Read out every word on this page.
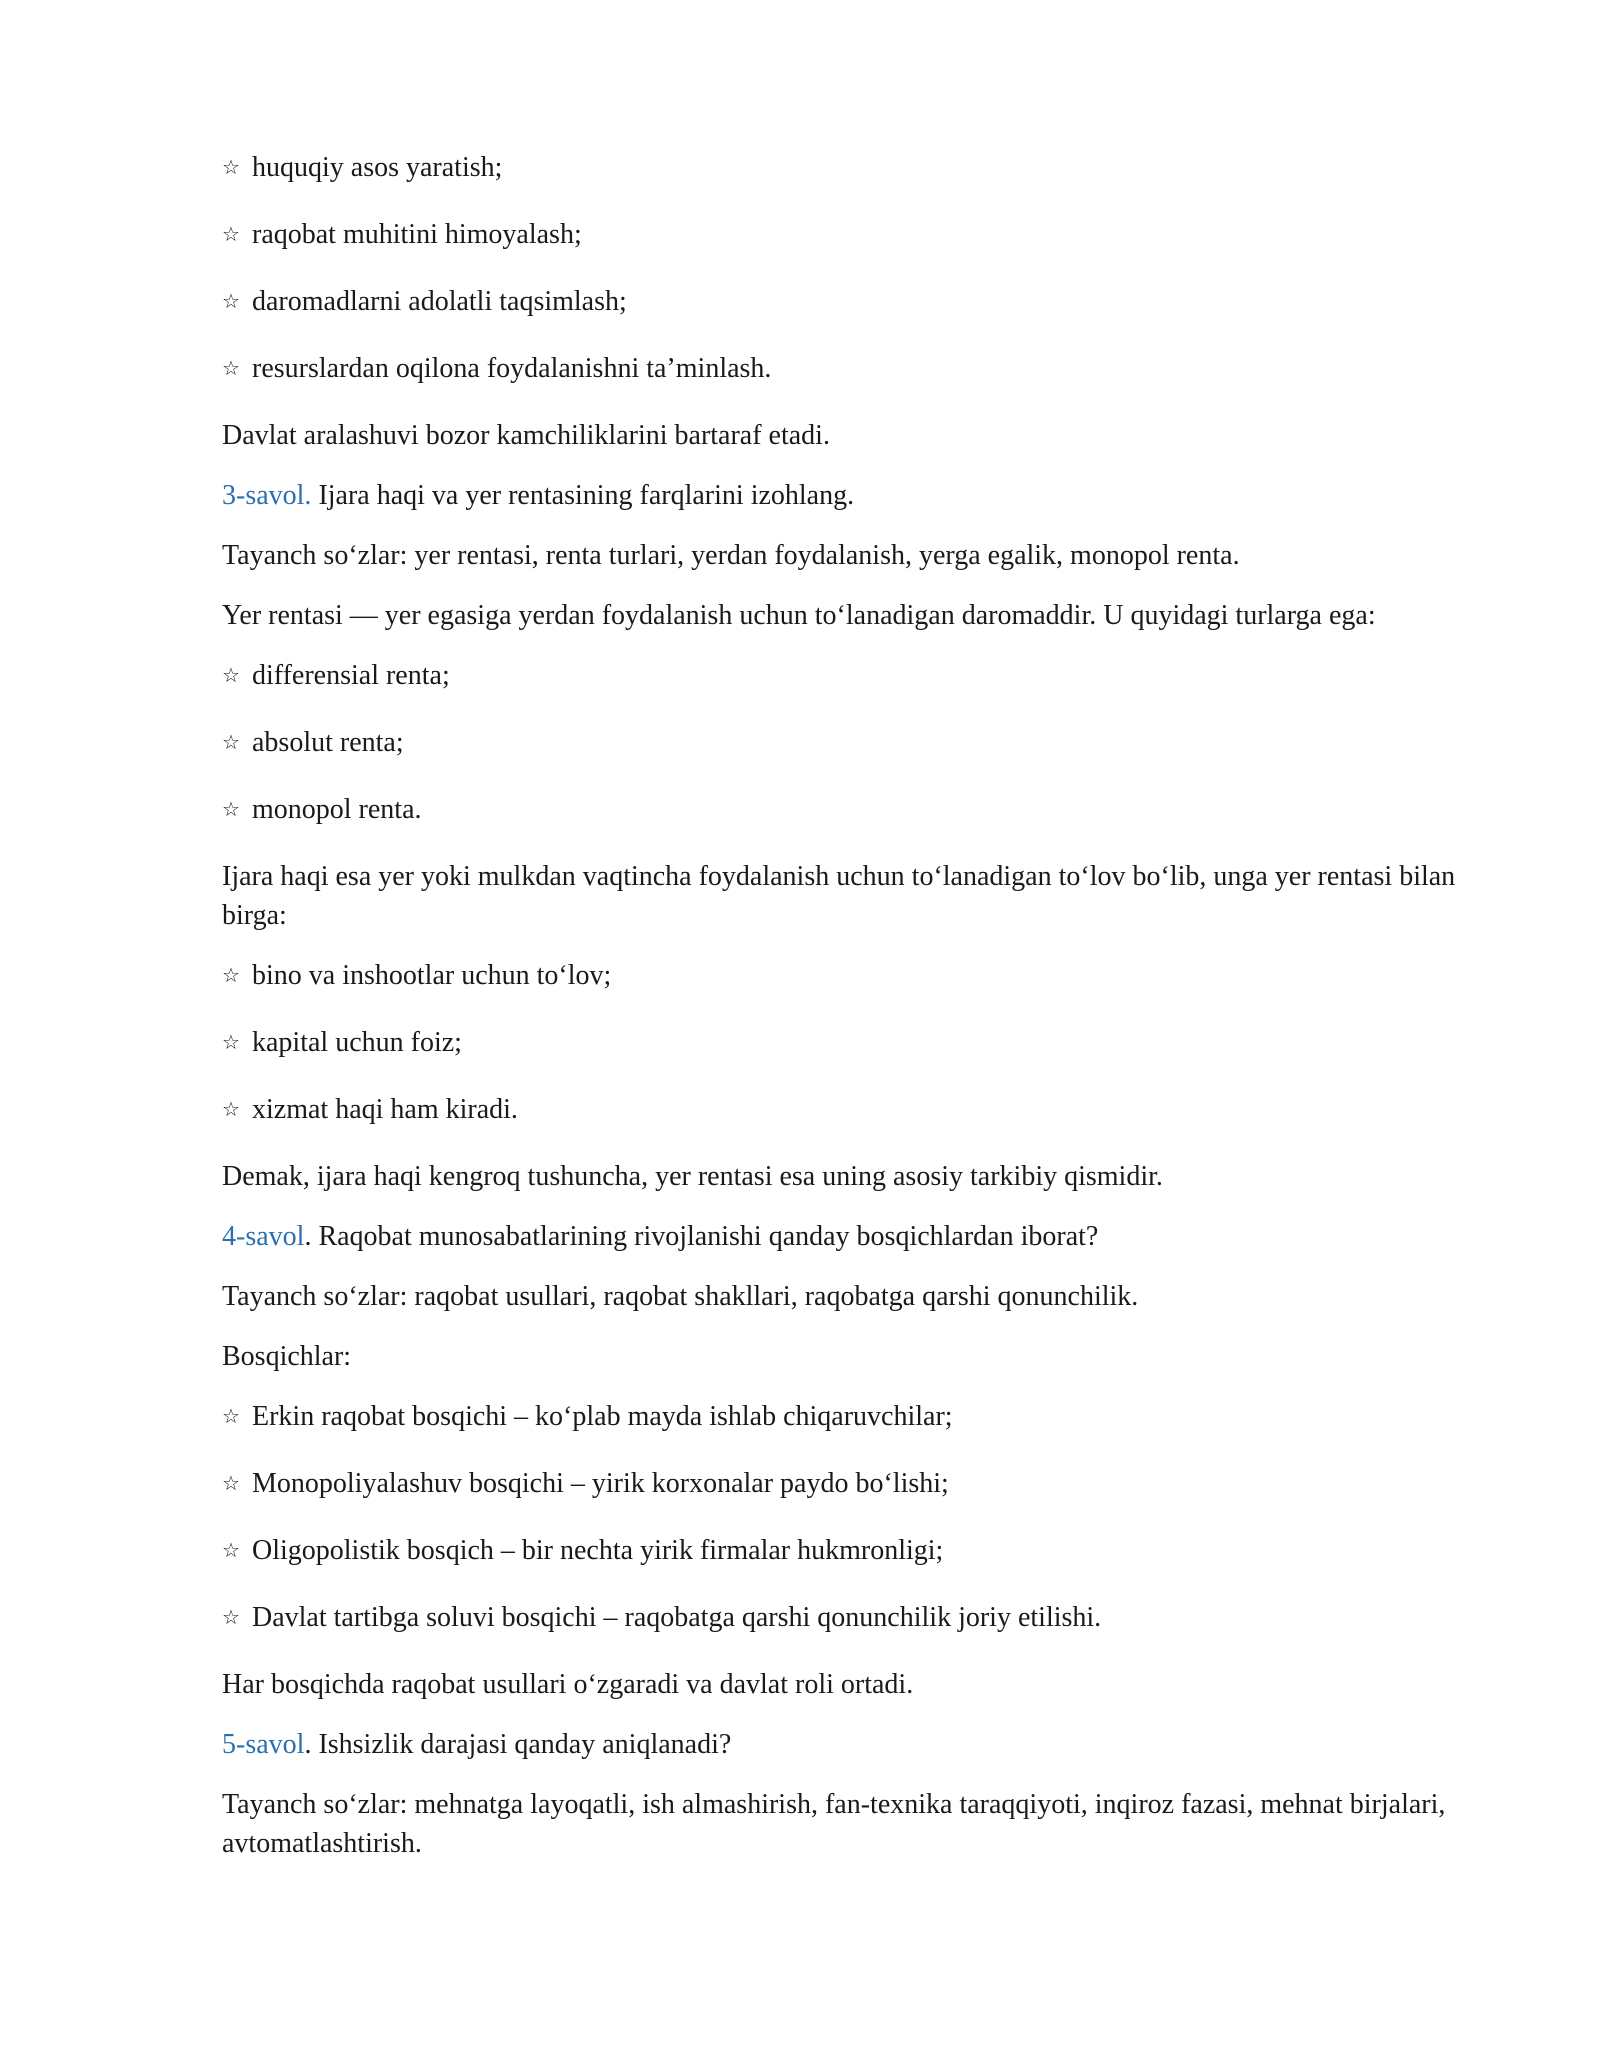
☆ huquqiy asos yaratish;
☆ raqobat muhitini himoyalash;
☆ daromadlarni adolatli taqsimlash;
☆ resurslardan oqilona foydalanishni ta’minlash.
Davlat aralashuvi bozor kamchiliklarini bartaraf etadi.
3-savol. Ijara haqi va yer rentasining farqlarini izohlang.
Tayanch so‘zlar: yer rentasi, renta turlari, yerdan foydalanish, yerga egalik, monopol renta.
Yer rentasi — yer egasiga yerdan foydalanish uchun to‘lanadigan daromaddir. U quyidagi turlarga ega:
☆ differensial renta;
☆ absolut renta;
☆ monopol renta.
Ijara haqi esa yer yoki mulkdan vaqtincha foydalanish uchun to‘lanadigan to‘lov bo‘lib, unga yer rentasi bilan birga:
☆ bino va inshootlar uchun to‘lov;
☆ kapital uchun foiz;
☆ xizmat haqi ham kiradi.
Demak, ijara haqi kengroq tushuncha, yer rentasi esa uning asosiy tarkibiy qismidir.
4-savol. Raqobat munosabatlarining rivojlanishi qanday bosqichlardan iborat?
Tayanch so‘zlar: raqobat usullari, raqobat shakllari, raqobatga qarshi qonunchilik.
Bosqichlar:
☆ Erkin raqobat bosqichi – ko‘plab mayda ishlab chiqaruvchilar;
☆ Monopoliyalashuv bosqichi – yirik korxonalar paydo bo‘lishi;
☆ Oligopolistik bosqich – bir nechta yirik firmalar hukmronligi;
☆ Davlat tartibga soluvi bosqichi – raqobatga qarshi qonunchilik joriy etilishi.
Har bosqichda raqobat usullari o‘zgaradi va davlat roli ortadi.
5-savol. Ishsizlik darajasi qanday aniqlanadi?
Tayanch so‘zlar: mehnatga layoqatli, ish almashirish, fan-texnika taraqqiyoti, inqiroz fazasi, mehnat birjalari, avtomatlashtirish.
